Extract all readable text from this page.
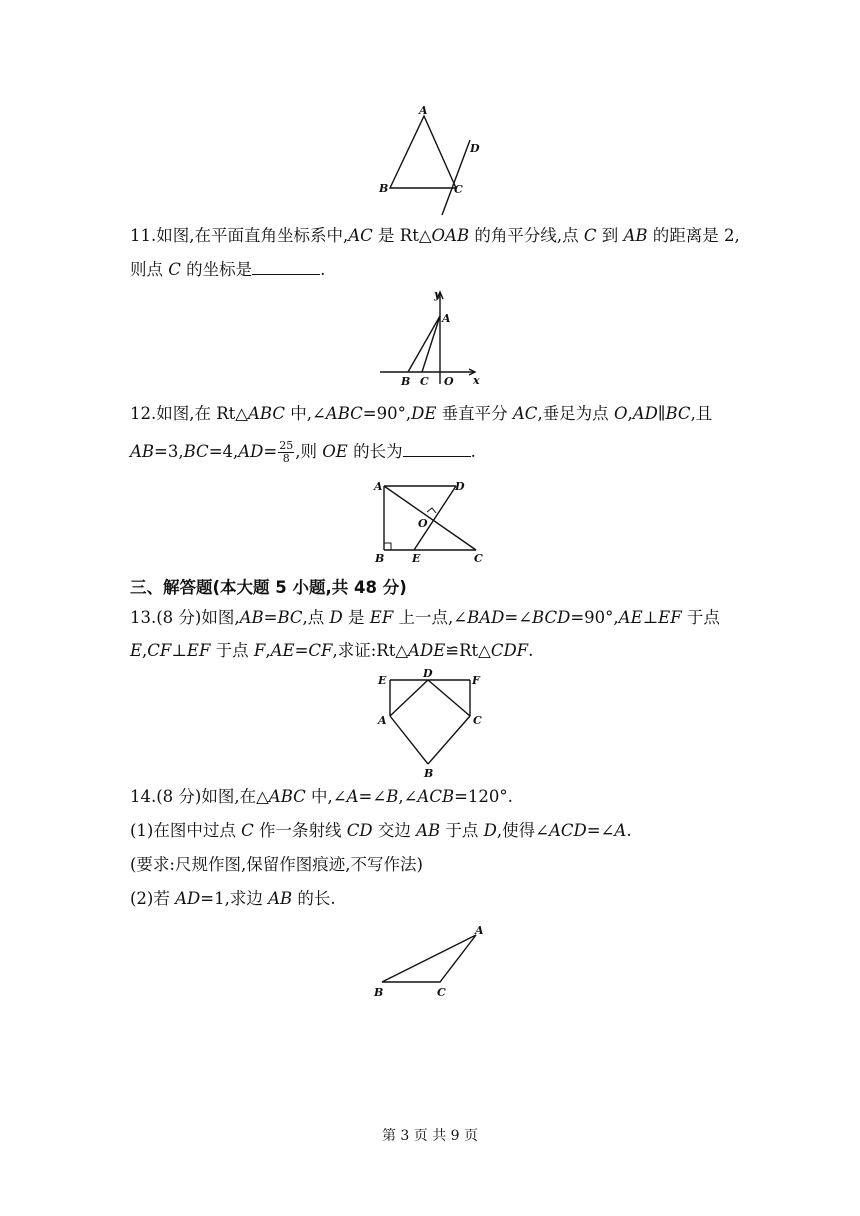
A
B	C
D
11.如图,在平面直角坐标系中,AC 是 Rt△OAB 的角平分线,点 C 到 AB 的距离是 2,
则点 C 的坐标是	.
y
A
B C O x
12.如图,在 Rt△ABC 中,∠ABC=90°,DE 垂直平分 AC,垂足为点 O,AD∥BC,且
$AB=3,BC=4,AD= \frac{25}{8}$ ,则 OE 的长为	.
A	D
O
B	E	C
三、解答题(本大题 5 小题,共 48 分)
13.(8 分)如图,AB=BC,点 D 是 EF 上一点,∠BAD=∠BCD=90°,AE⊥EF 于点
E,CF⊥EF 于点 F,AE=CF,求证:Rt△ADE≌Rt△CDF.
E
D
F
A	C
B
14.(8 分)如图,在△ABC 中,∠A=∠B,∠ACB=120°.
(1)在图中过点 C 作一条射线 CD 交边 AB 于点 D,使得∠ACD=∠A.
(要求:尺规作图,保留作图痕迹,不写作法)
(2)若 AD=1,求边 AB 的长.
A
B	C
第 3 页 共 9 页
